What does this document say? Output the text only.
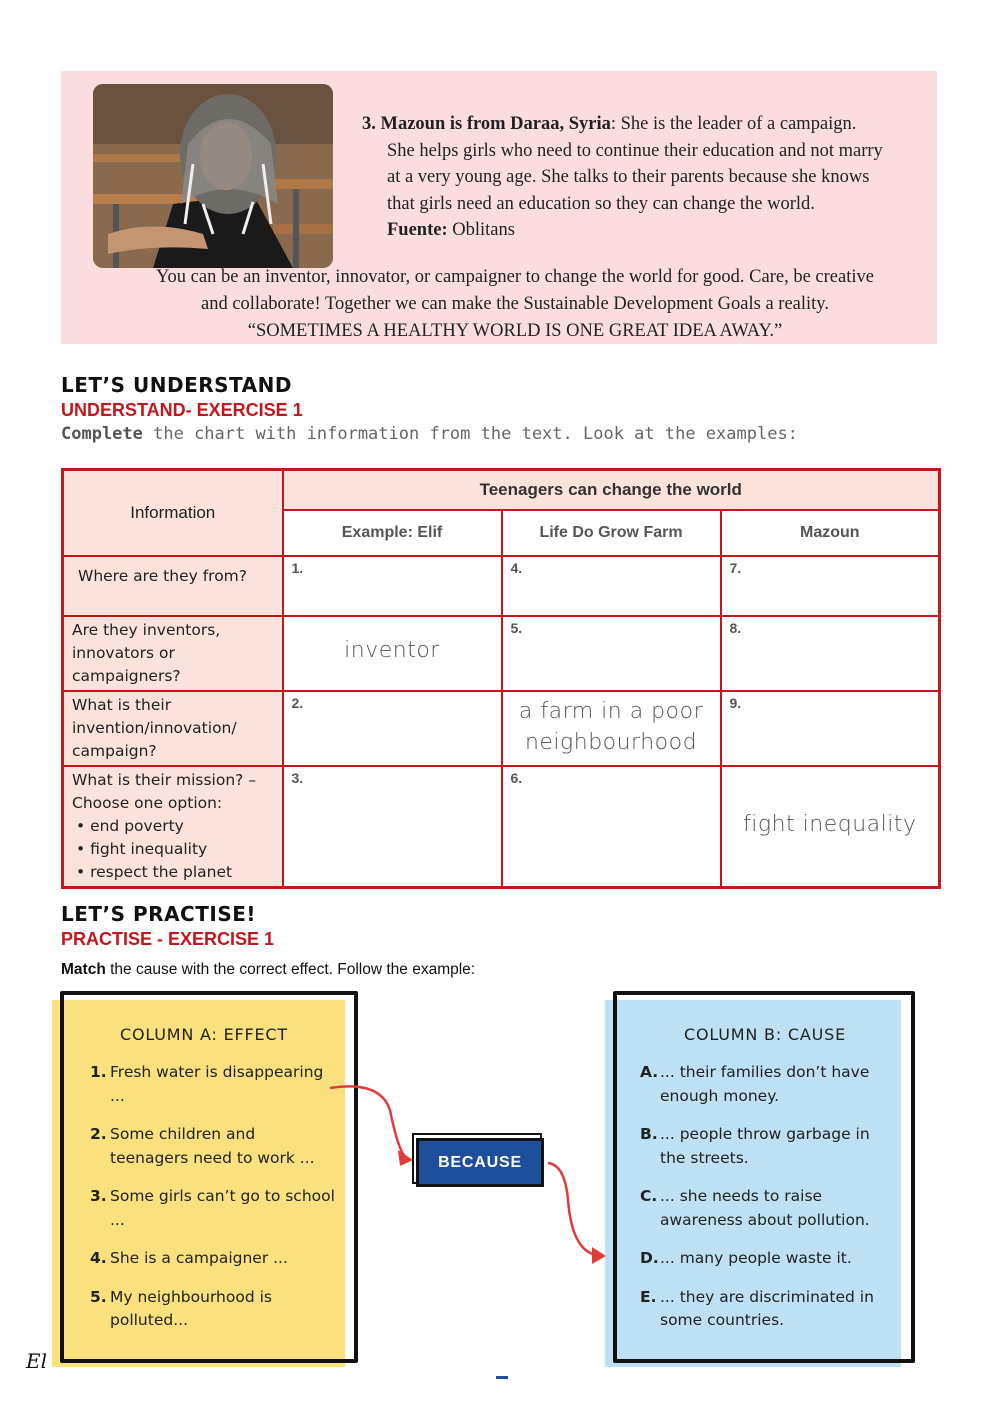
3. Mazoun is from Daraa, Syria: She is the leader of a campaign.
She helps girls who need to continue their education and not marry
at a very young age. She talks to their parents because she knows
that girls need an education so they can change the world.
Fuente: Oblitans
You can be an inventor, innovator, or campaigner to change the world for good. Care, be creative
and collaborate! Together we can make the Sustainable Development Goals a reality.
“SOMETIMES A HEALTHY WORLD IS ONE GREAT IDEA AWAY.”
LET’S UNDERSTAND
UNDERSTAND- EXERCISE 1
Complete the chart with information from the text. Look at the examples:
Information	Teenagers can change the world		
	Example: Elif	Life Do Grow Farm	Mazoun

Where are they from?	1.	4.	7.

Are they inventors, innovators or campaigners?	inventor	5.	8.

What is their invention/innovation/ campaign?	2.	a farm in a poor
neighbourhood	9.

What is their mission? – Choose one option:
• end poverty
• fight inequality
• respect the planet	3.	6.	fight inequality
LET’S PRACTISE!
PRACTISE - EXERCISE 1
Match the cause with the correct effect. Follow the example:
COLUMN A: EFFECT
1. Fresh water is disappearing ...
2. Some children and teenagers need to work ...
3. Some girls can’t go to school ...
4. She is a campaigner ...
5. My neighbourhood is polluted...
COLUMN B: CAUSE
A. ... their families don’t have enough money.
B. ... people throw garbage in the streets.
C. ... she needs to raise awareness about pollution.
D. ... many people waste it.
E. ... they are discriminated in some countries.
BECAUSE
El
